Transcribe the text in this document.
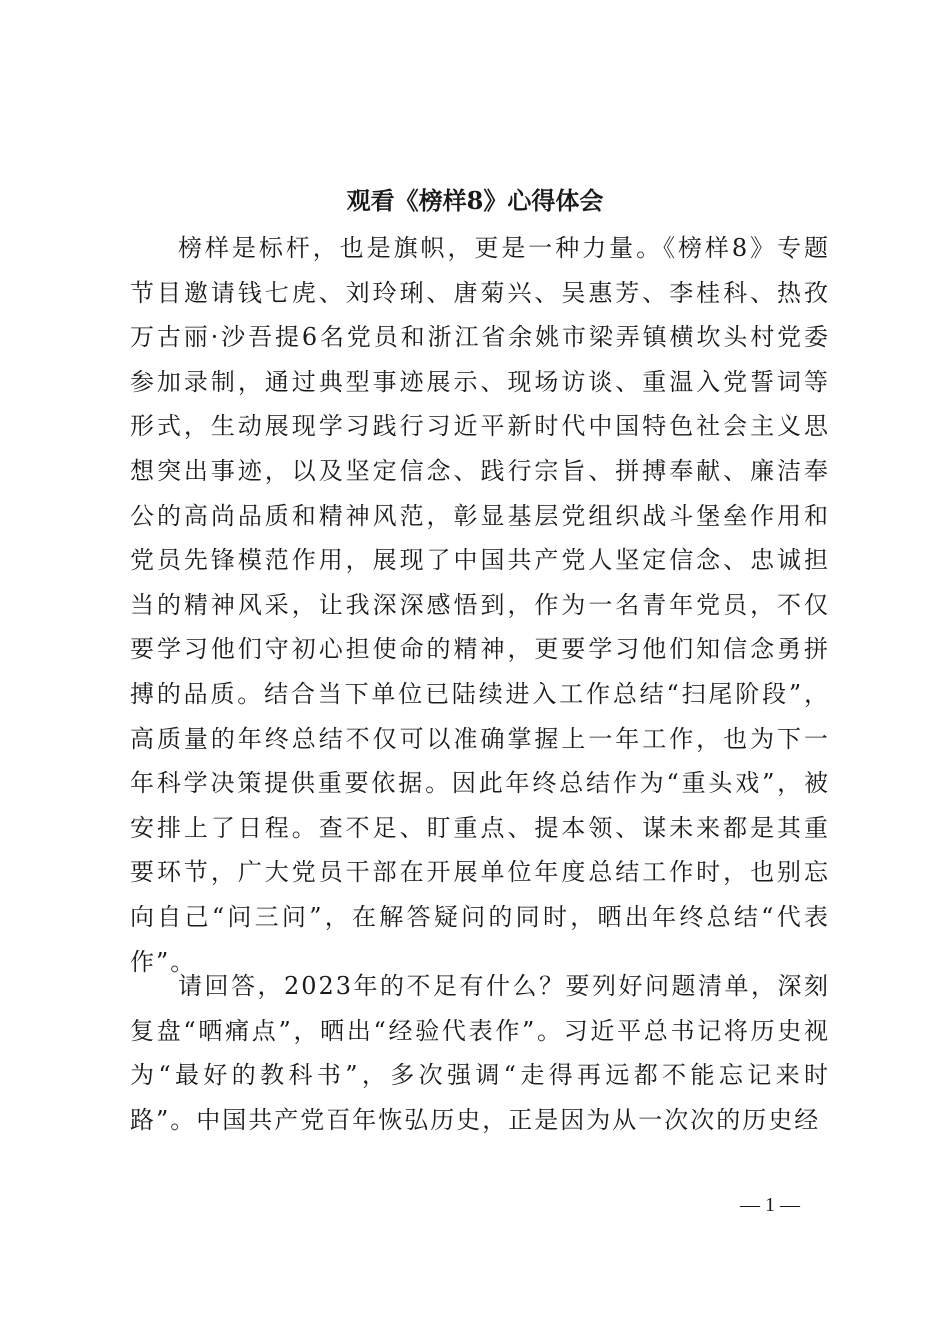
观看《榜样8》心得体会

榜样是标杆，也是旗帜，更是一种力量。《榜样8》专题节目邀请钱七虎、刘玲琍、唐菊兴、吴惠芳、李桂科、热孜万古丽·沙吾提6名党员和浙江省余姚市梁弄镇横坎头村党委参加录制，通过典型事迹展示、现场访谈、重温入党誓词等形式，生动展现学习践行习近平新时代中国特色社会主义思想突出事迹，以及坚定信念、践行宗旨、拼搏奉献、廉洁奉公的高尚品质和精神风范，彰显基层党组织战斗堡垒作用和党员先锋模范作用，展现了中国共产党人坚定信念、忠诚担当的精神风采，让我深深感悟到，作为一名青年党员，不仅要学习他们守初心担使命的精神，更要学习他们知信念勇拼搏的品质。结合当下单位已陆续进入工作总结“扫尾阶段”，高质量的年终总结不仅可以准确掌握上一年工作，也为下一年科学决策提供重要依据。因此年终总结作为“重头戏”，被安排上了日程。查不足、盯重点、提本领、谋未来都是其重要环节，广大党员干部在开展单位年度总结工作时，也别忘向自己“问三问”，在解答疑问的同时，晒出年终总结“代表作”。

请回答，2023年的不足有什么？要列好问题清单，深刻复盘“晒痛点”，晒出“经验代表作”。习近平总书记将历史视为“最好的教科书”，多次强调“走得再远都不能忘记来时路”。中国共产党百年恢弘历史，正是因为从一次次的历史经

— 1 —
